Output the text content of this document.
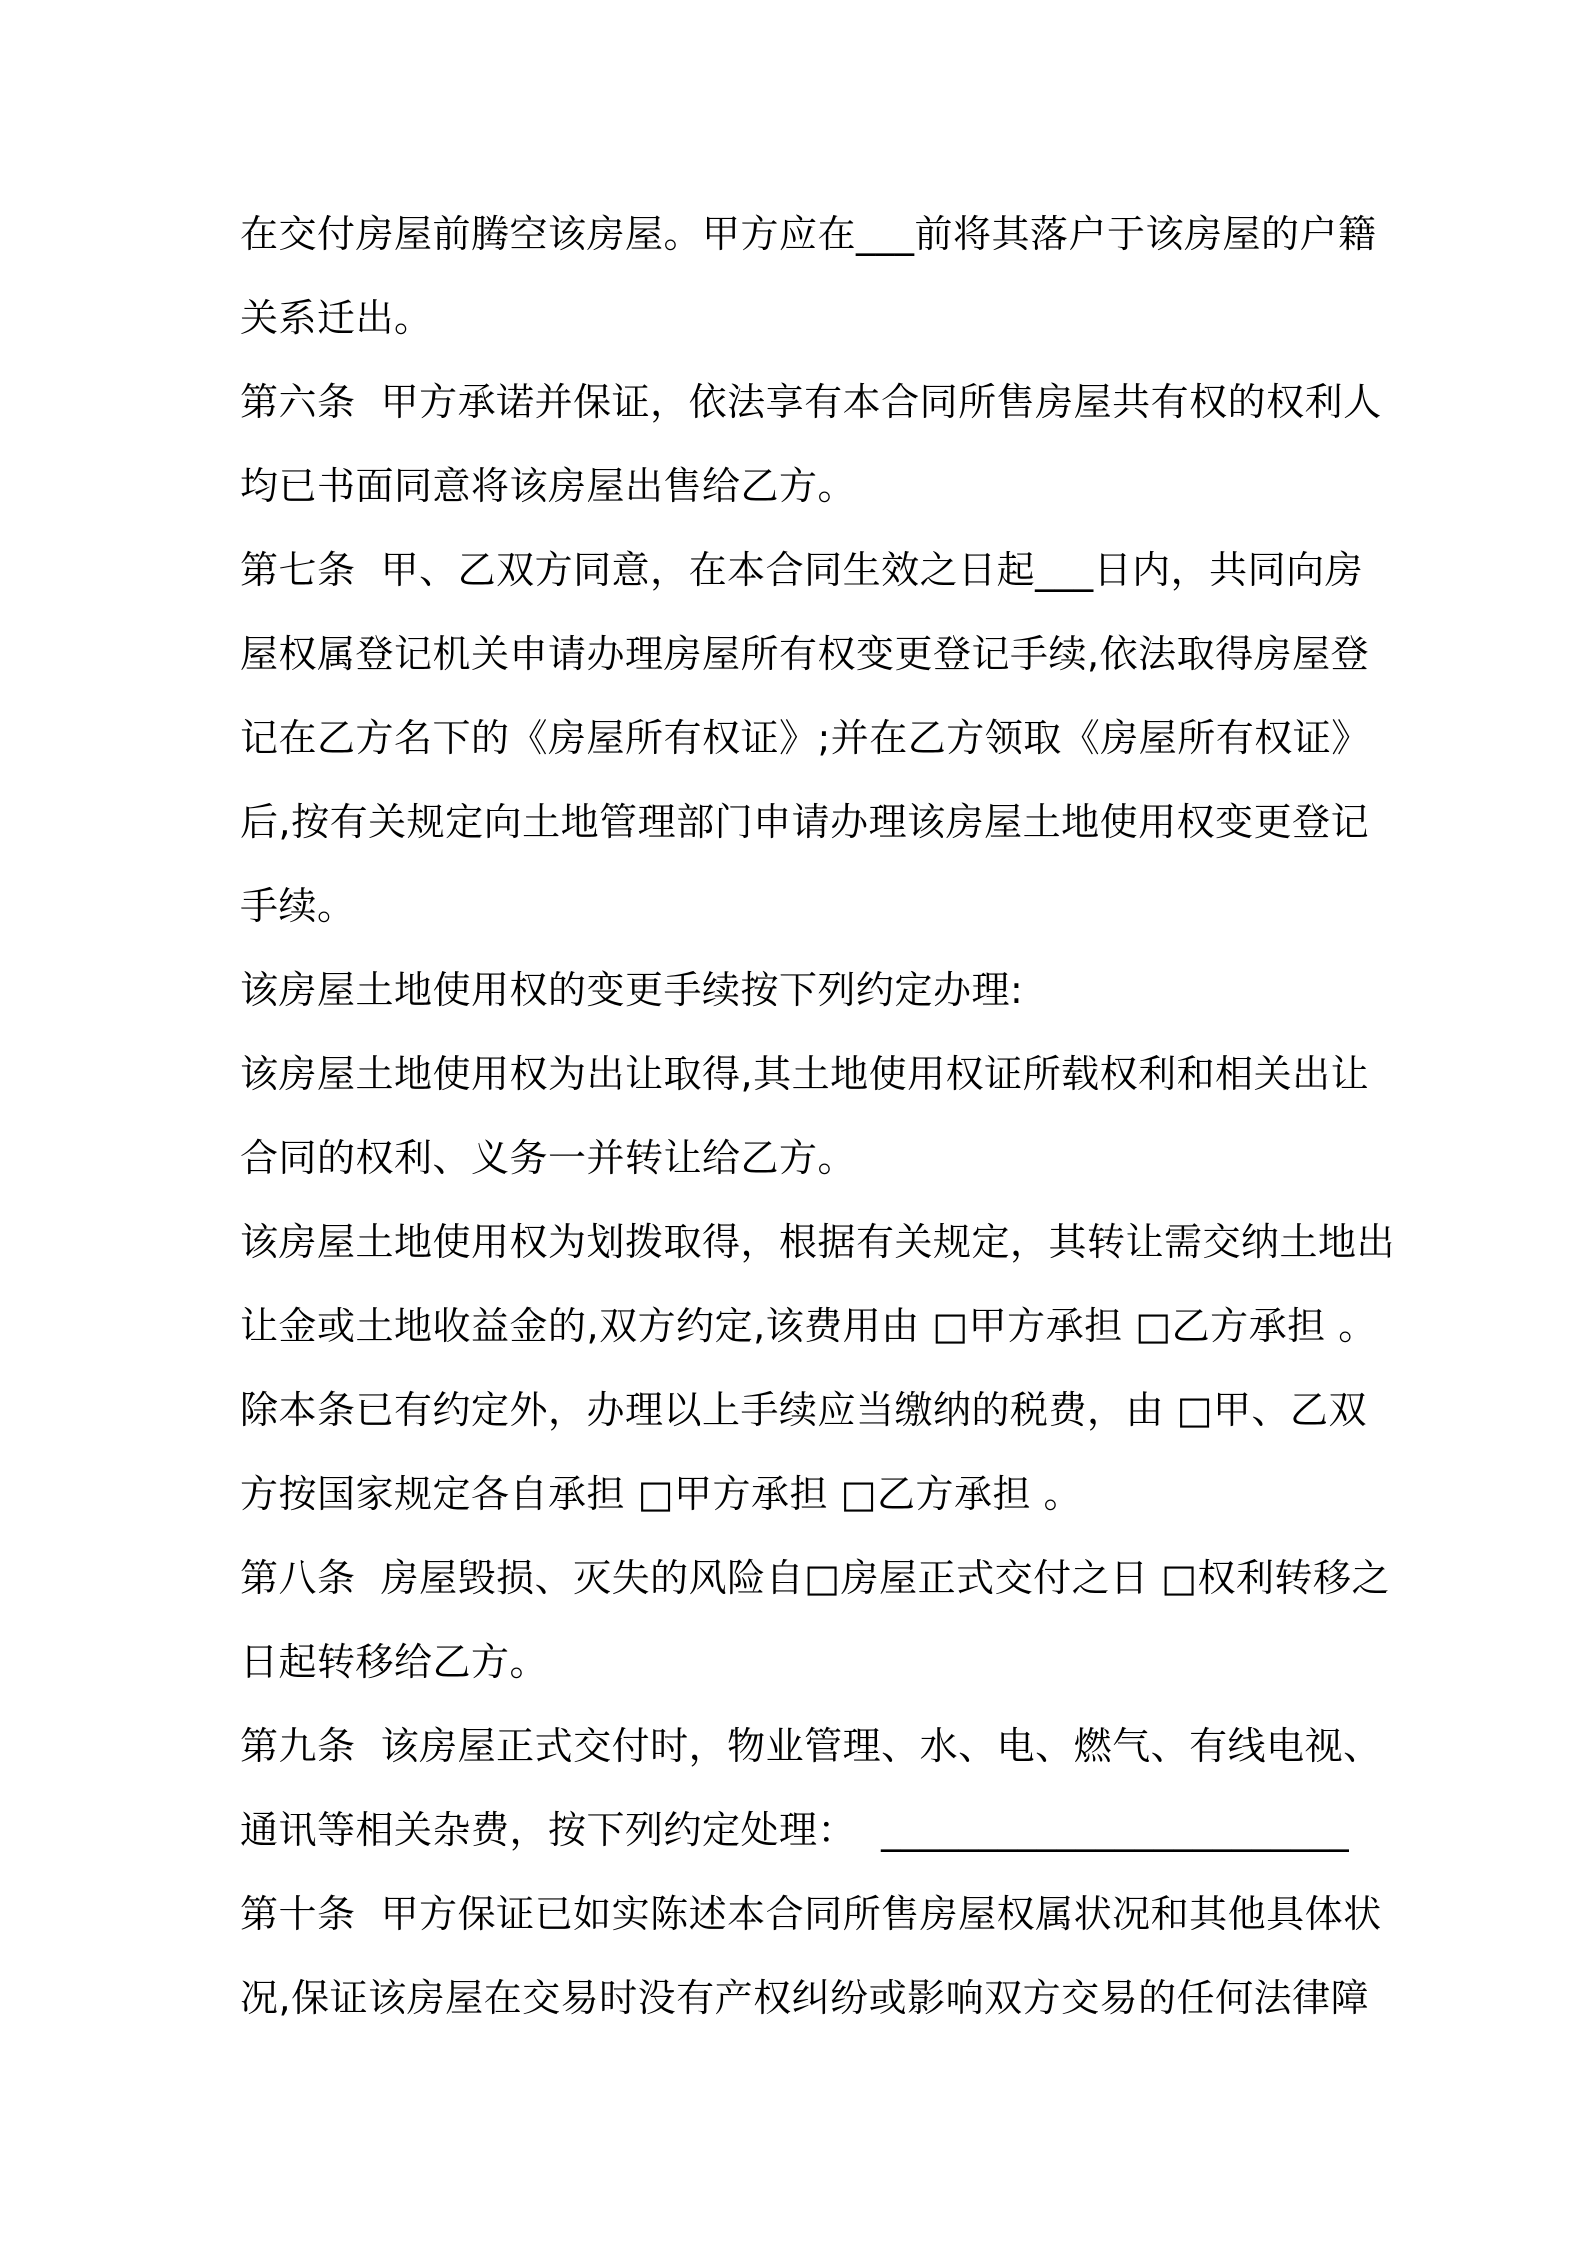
在交付房屋前腾空该房屋。甲方应在___前将其落户于该房屋的户籍
关系迁出。
第六条  甲方承诺并保证，依法享有本合同所售房屋共有权的权利人
均已书面同意将该房屋出售给乙方。
第七条  甲、乙双方同意，在本合同生效之日起___日内，共同向房
屋权属登记机关申请办理房屋所有权变更登记手续,依法取得房屋登
记在乙方名下的《房屋所有权证》;并在乙方领取《房屋所有权证》
后,按有关规定向土地管理部门申请办理该房屋土地使用权变更登记
手续。
该房屋土地使用权的变更手续按下列约定办理:
该房屋土地使用权为出让取得,其土地使用权证所载权利和相关出让
合同的权利、义务一并转让给乙方。
该房屋土地使用权为划拨取得，根据有关规定，其转让需交纳土地出
让金或土地收益金的,双方约定,该费用由 □甲方承担 □乙方承担 。
除本条已有约定外，办理以上手续应当缴纳的税费，由 □甲、乙双
方按国家规定各自承担 □甲方承担 □乙方承担 。
第八条  房屋毁损、灭失的风险自□房屋正式交付之日 □权利转移之
日起转移给乙方。
第九条  该房屋正式交付时，物业管理、水、电、燃气、有线电视、
通讯等相关杂费，按下列约定处理：  ________________________
第十条  甲方保证已如实陈述本合同所售房屋权属状况和其他具体状
况,保证该房屋在交易时没有产权纠纷或影响双方交易的任何法律障
